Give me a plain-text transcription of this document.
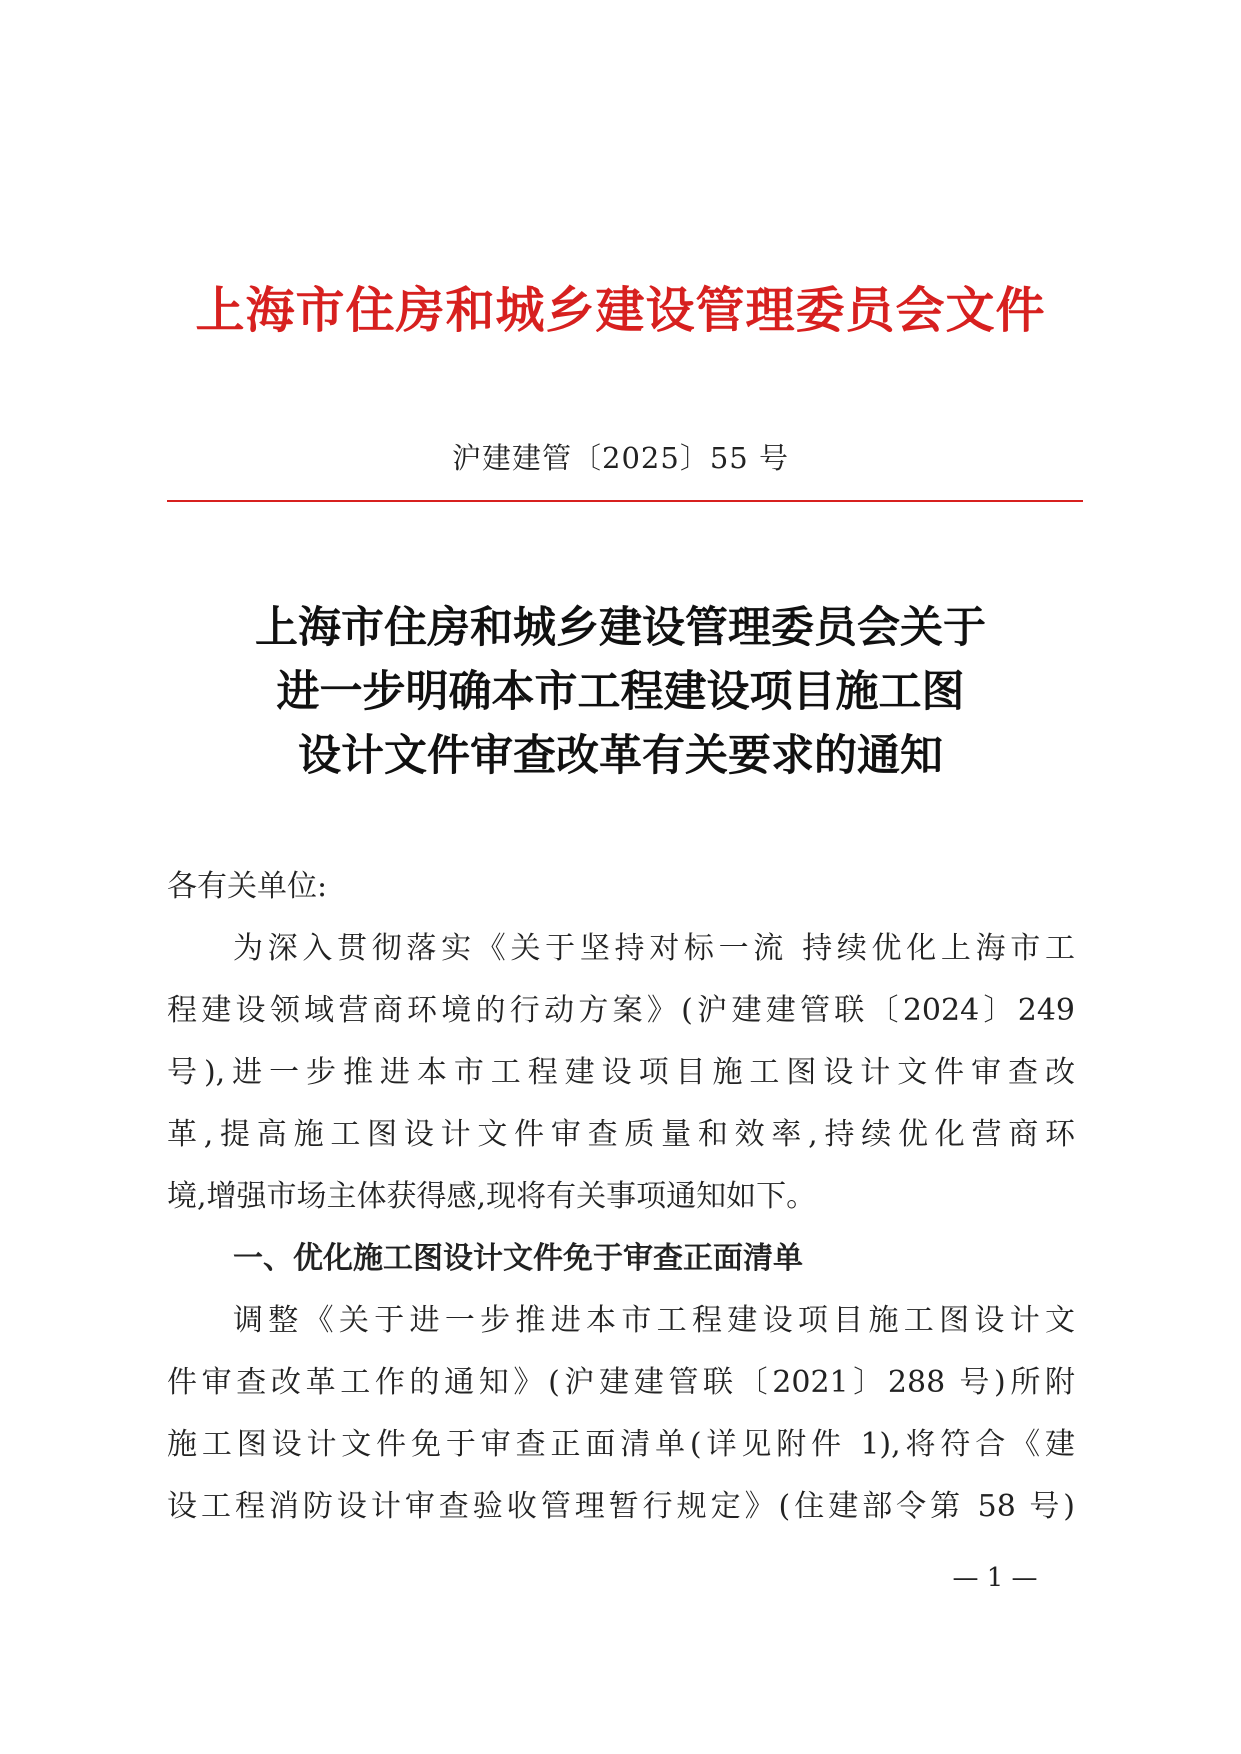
上海市住房和城乡建设管理委员会文件
沪建建管〔2025〕55 号
上海市住房和城乡建设管理委员会关于
进一步明确本市工程建设项目施工图
设计文件审查改革有关要求的通知
各有关单位:
为深入贯彻落实《关于坚持对标一流 持续优化上海市工
程建设领域营商环境的行动方案》(沪建建管联〔2024〕249
号),进一步推进本市工程建设项目施工图设计文件审查改
革,提高施工图设计文件审查质量和效率,持续优化营商环
境,增强市场主体获得感,现将有关事项通知如下。
一、优化施工图设计文件免于审查正面清单
调整《关于进一步推进本市工程建设项目施工图设计文
件审查改革工作的通知》(沪建建管联〔2021〕288 号)所附
施工图设计文件免于审查正面清单(详见附件 1),将符合《建
设工程消防设计审查验收管理暂行规定》(住建部令第 58 号)
— 1 —
